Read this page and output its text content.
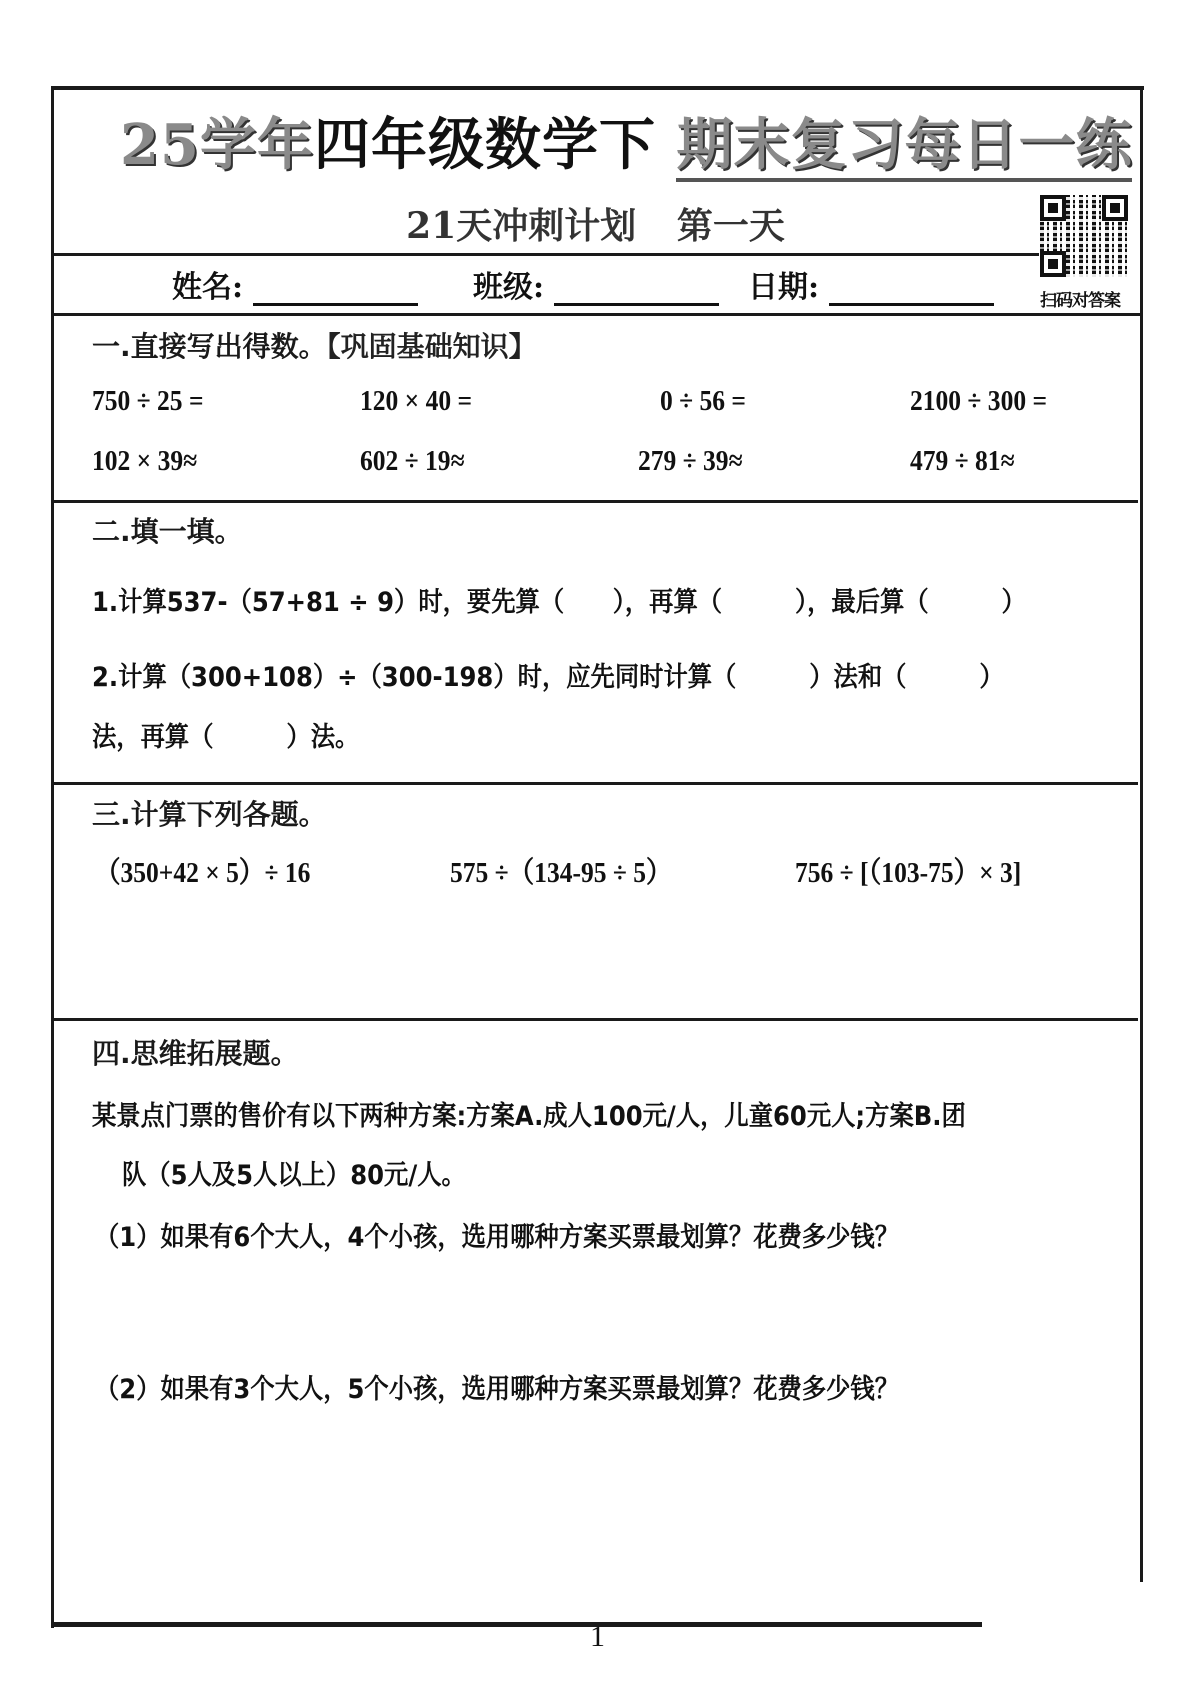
25学年四年级数学下 期末复习每日一练
21天冲刺计划 第一天
姓名:	班级:	日期:	扫码对答案
一.直接写出得数。【巩固基础知识】
750 ÷ 25 =	120 × 40 =	0 ÷ 56 =	2100 ÷ 300 =
102 × 39≈	602 ÷ 19≈	279 ÷ 39≈	479 ÷ 81≈
二.填一填。
1.计算537-（57+81 ÷ 9）时，要先算（　　），再算（　　　），最后算（　　　）
2.计算（300+108）÷（300-198）时，应先同时计算（　　　）法和（　　　）
法，再算（　　　）法。
三.计算下列各题。
（350+42 × 5）÷ 16	575 ÷（134-95 ÷ 5）	756 ÷ [（103-75）× 3]
四.思维拓展题。
某景点门票的售价有以下两种方案:方案A.成人100元/人，儿童60元人;方案B.团
队（5人及5人以上）80元/人。
（1）如果有6个大人，4个小孩，选用哪种方案买票最划算？花费多少钱？
（2）如果有3个大人，5个小孩，选用哪种方案买票最划算？花费多少钱？
1
